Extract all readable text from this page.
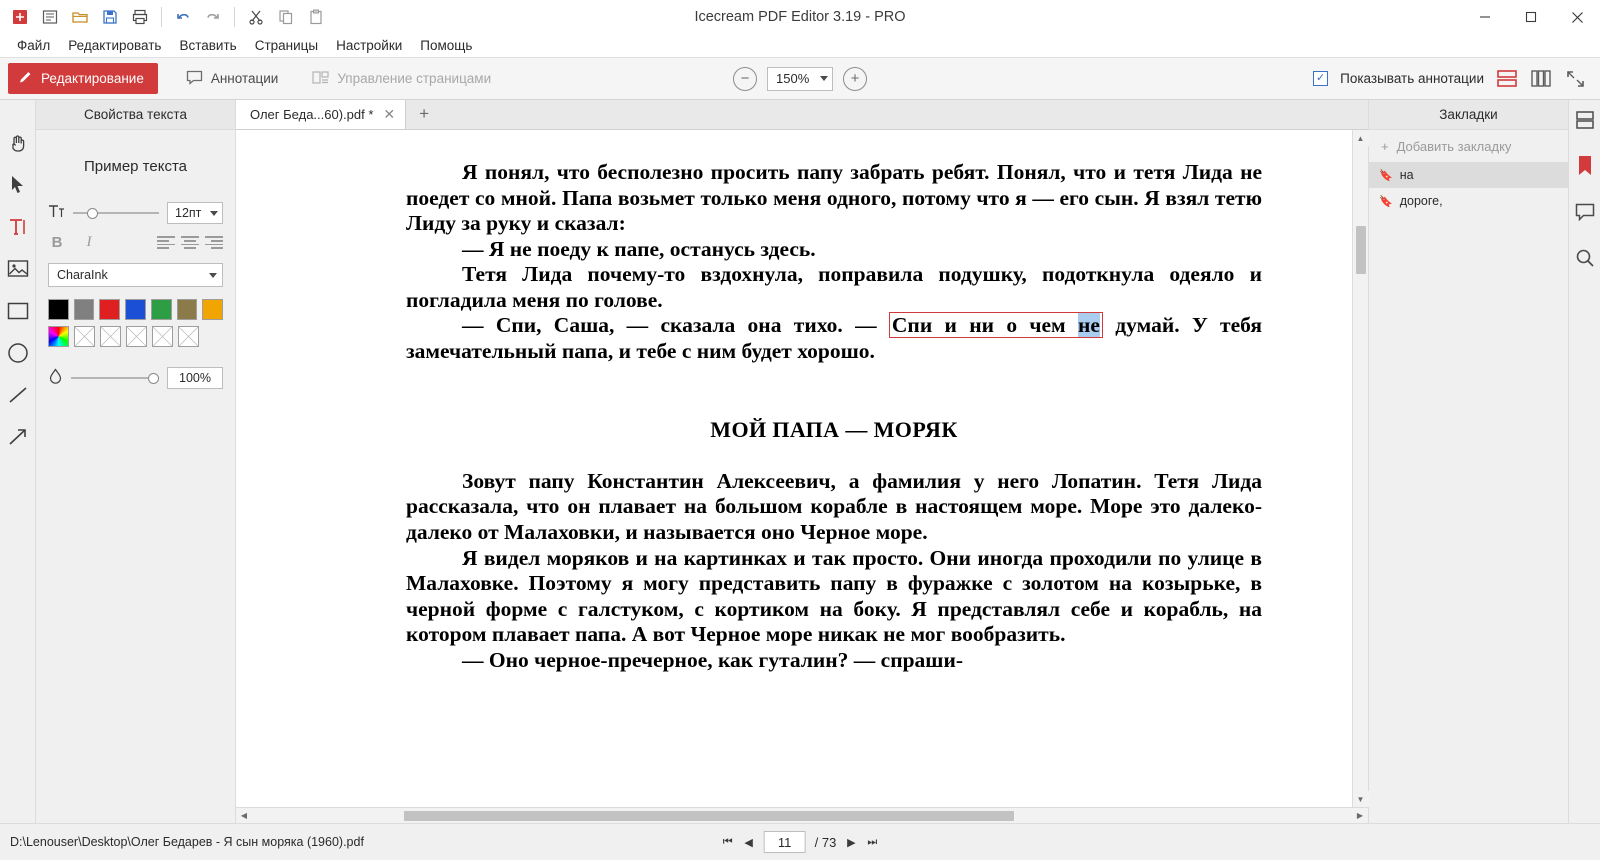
Icecream PDF Editor 3.19 - PRO
Файл	Редактировать	Вставить	Страницы	Настройки	Помощь
Редактирование	Аннотации	Управление страницами	−	150%	+	✓ Показывать аннотации
Свойства текста
Пример текста
12пт
B	I
CharaInk
100%
Олег Беда...60).pdf * ✕	+

Я понял, что бесполезно просить папу забрать ребят. Понял, что и тетя Лида не поедет со мной. Папа возьмет только меня одного, потому что я — его сын. Я взял тетю Лиду за руку и сказал:

— Я не поеду к папе, останусь здесь.

Тетя Лида почему-то вздохнула, поправила подушку, подоткнула одеяло и погладила меня по голове.

— Спи, Саша, — сказала она тихо. — Спи и ни о чем не думай. У тебя замечательный папа, и тебе с ним будет хорошо.

МОЙ ПАПА — МОРЯК

Зовут папу Константин Алексеевич, а фамилия у него Лопатин. Тетя Лида рассказала, что он плавает на большом корабле в настоящем море. Море это далеко-далеко от Малаховки, и называется оно Черное море.

Я видел моряков и на картинках и так просто. Они иногда проходили по улице в Малаховке. Поэтому я могу представить папу в фуражке с золотом на козырьке, в черной форме с галстуком, с кортиком на боку. Я представлял себе и корабль, на котором плавает папа. А вот Черное море никак не мог вообразить.

— Оно черное-пречерное, как гуталин? — спраши-

▲
▼
◀	▶
Закладки
+ Добавить закладку
🔖 на
🔖 дороге,
D:\Lenouser\Desktop\Олег Бедарев - Я сын моряка (1960).pdf	⏮ ◀ 11 / 73 ▶ ⏭
